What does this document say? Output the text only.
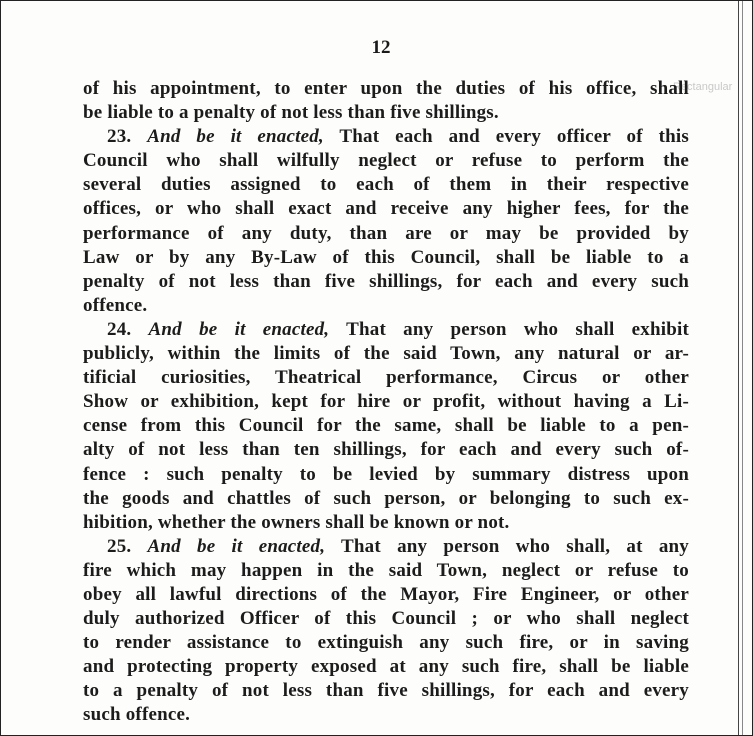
Rectangular
12
of his appointment, to enter upon the duties of his office, shall
be liable to a penalty of not less than five shillings.
23. And be it enacted, That each and every officer of this
Council who shall wilfully neglect or refuse to perform the
several duties assigned to each of them in their respective
offices, or who shall exact and receive any higher fees, for the
performance of any duty, than are or may be provided by
Law or by any By-Law of this Council, shall be liable to a
penalty of not less than five shillings, for each and every such
offence.
24. And be it enacted, That any person who shall exhibit
publicly, within the limits of the said Town, any natural or ar-
tificial curiosities, Theatrical performance, Circus or other
Show or exhibition, kept for hire or profit, without having a Li-
cense from this Council for the same, shall be liable to a pen-
alty of not less than ten shillings, for each and every such of-
fence : such penalty to be levied by summary distress upon
the goods and chattles of such person, or belonging to such ex-
hibition, whether the owners shall be known or not.
25. And be it enacted, That any person who shall, at any
fire which may happen in the said Town, neglect or refuse to
obey all lawful directions of the Mayor, Fire Engineer, or other
duly authorized Officer of this Council ; or who shall neglect
to render assistance to extinguish any such fire, or in saving
and protecting property exposed at any such fire, shall be liable
to a penalty of not less than five shillings, for each and every
such offence.
